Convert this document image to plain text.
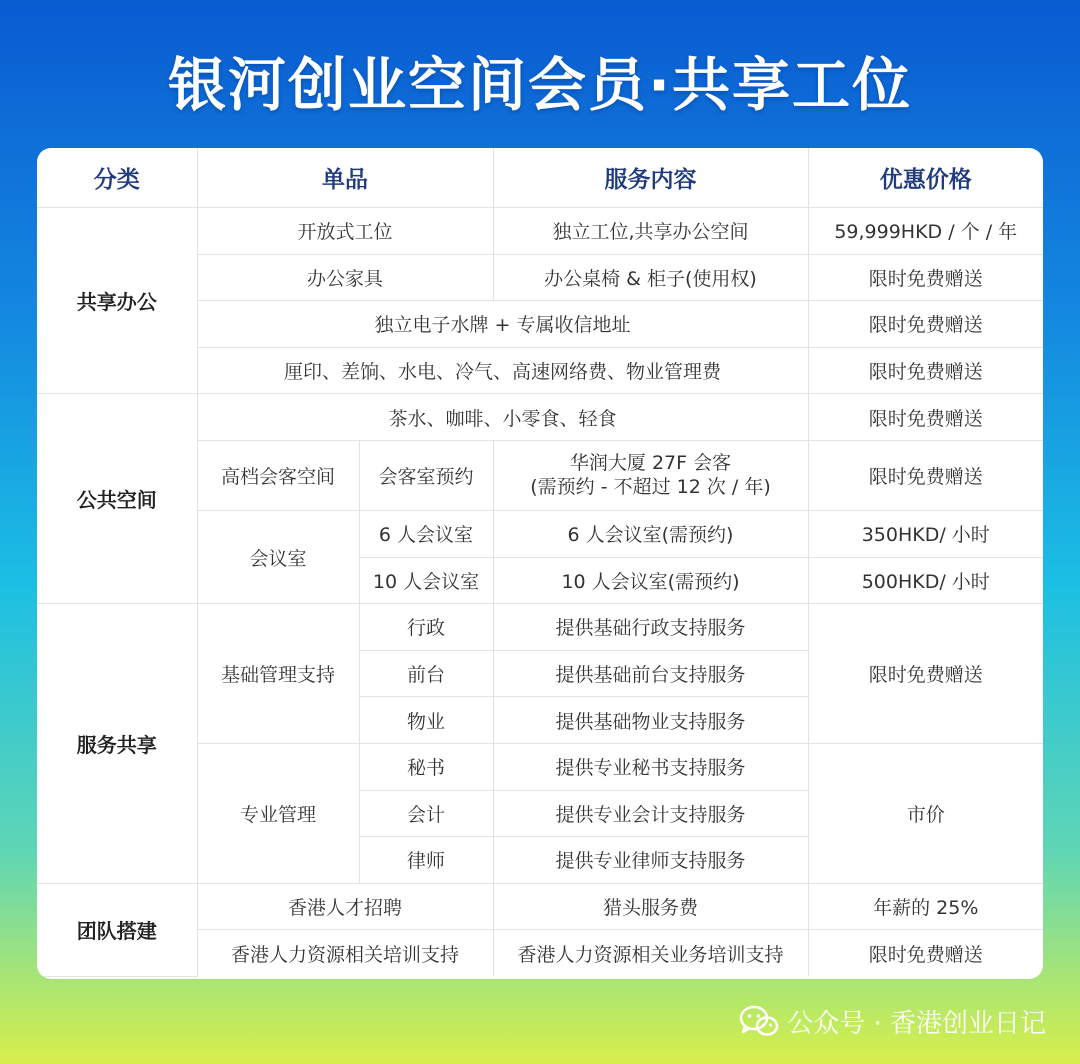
银河创业空间会员·共享工位
分类	单品		服务内容	优惠价格
共享办公	开放式工位		独立工位,共享办公空间	59,999HKD / 个 / 年
	办公家具		办公桌椅 & 柜子(使用权)	限时免费赠送
	独立电子水牌 + 专属收信地址			限时免费赠送
	厘印、差饷、水电、冷气、高速网络费、物业管理费			限时免费赠送
公共空间	茶水、咖啡、小零食、轻食			限时免费赠送
	高档会客空间	会客室预约	华润大厦 27F 会客
(需预约 - 不超过 12 次 / 年)	限时免费赠送
	会议室	6 人会议室	6 人会议室(需预约)	350HKD/ 小时
		10 人会议室	10 人会议室(需预约)	500HKD/ 小时
服务共享	基础管理支持	行政	提供基础行政支持服务	限时免费赠送
		前台	提供基础前台支持服务	
		物业	提供基础物业支持服务	
	专业管理	秘书	提供专业秘书支持服务	市价
		会计	提供专业会计支持服务	
		律师	提供专业律师支持服务	
团队搭建	香港人才招聘		猎头服务费	年薪的 25%
	香港人力资源相关培训支持		香港人力资源相关业务培训支持	限时免费赠送
公众号 · 香港创业日记
